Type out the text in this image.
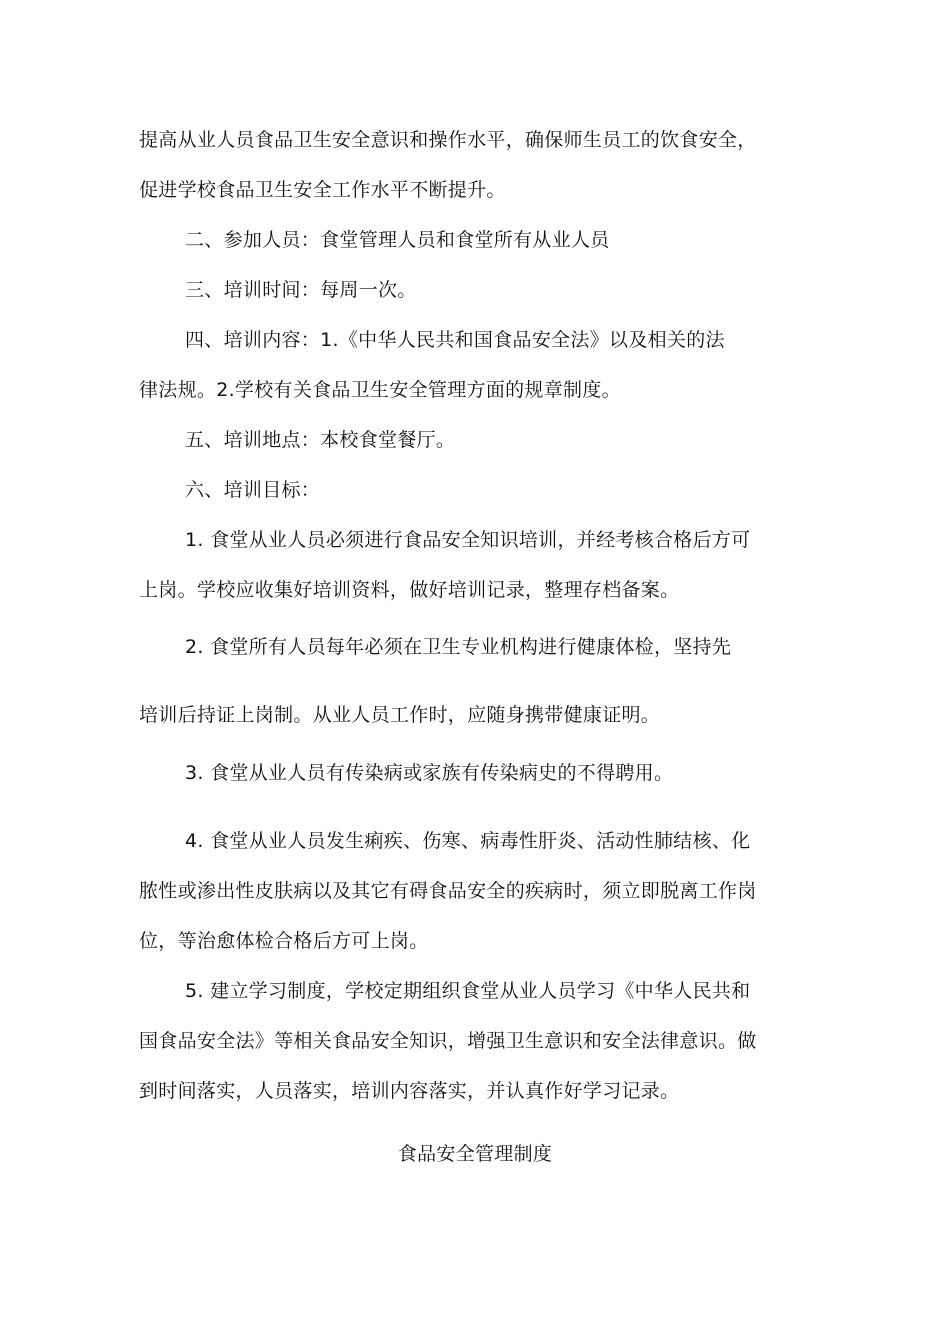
提高从业人员食品卫生安全意识和操作水平，确保师生员工的饮食安全，
促进学校食品卫生安全工作水平不断提升。
二、参加人员：食堂管理人员和食堂所有从业人员
三、培训时间：每周一次。
四、培训内容：1.《中华人民共和国食品安全法》以及相关的法
律法规。2.学校有关食品卫生安全管理方面的规章制度。
五、培训地点：本校食堂餐厅。
六、培训目标：
1. 食堂从业人员必须进行食品安全知识培训，并经考核合格后方可
上岗。学校应收集好培训资料，做好培训记录，整理存档备案。
2. 食堂所有人员每年必须在卫生专业机构进行健康体检，坚持先
培训后持证上岗制。从业人员工作时，应随身携带健康证明。
3. 食堂从业人员有传染病或家族有传染病史的不得聘用。
4. 食堂从业人员发生痢疾、伤寒、病毒性肝炎、活动性肺结核、化
脓性或渗出性皮肤病以及其它有碍食品安全的疾病时，须立即脱离工作岗
位，等治愈体检合格后方可上岗。
5. 建立学习制度，学校定期组织食堂从业人员学习《中华人民共和
国食品安全法》等相关食品安全知识，增强卫生意识和安全法律意识。做
到时间落实，人员落实，培训内容落实，并认真作好学习记录。
食品安全管理制度
